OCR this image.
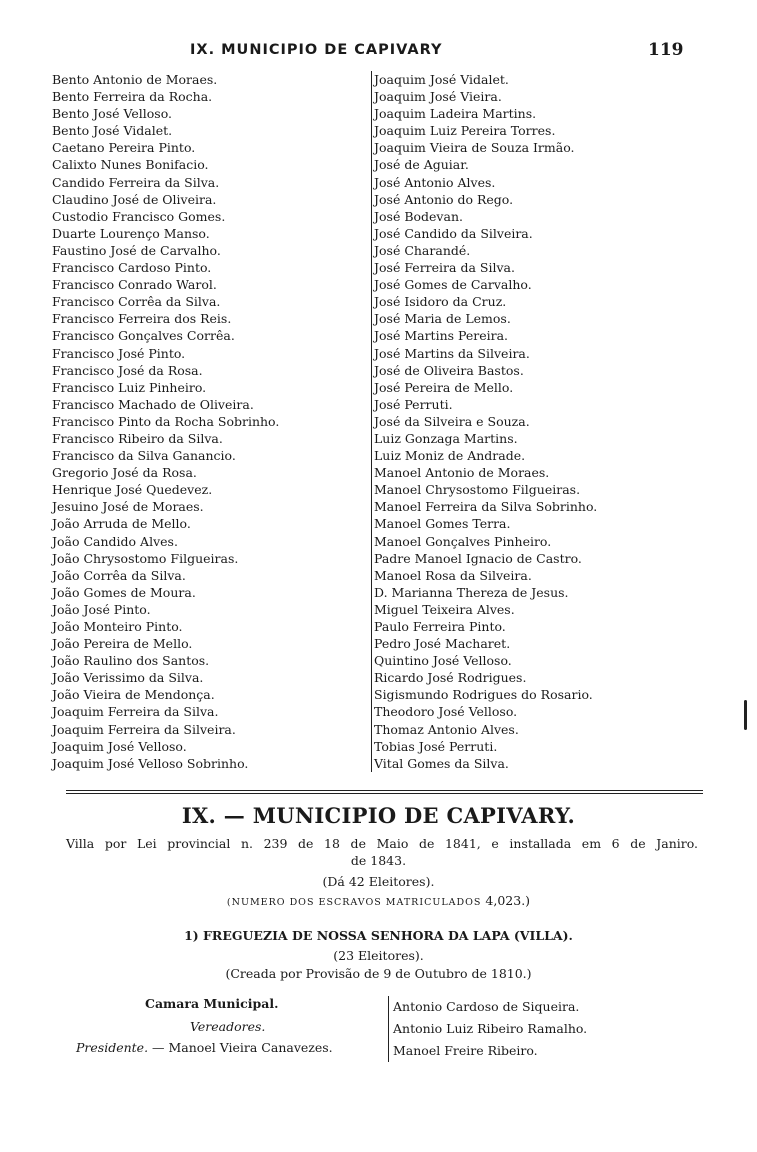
IX. MUNICIPIO DE CAPIVARY	119
Bento Antonio de Moraes.
Bento Ferreira da Rocha.
Bento José Velloso.
Bento José Vidalet.
Caetano Pereira Pinto.
Calixto Nunes Bonifacio.
Candido Ferreira da Silva.
Claudino José de Oliveira.
Custodio Francisco Gomes.
Duarte Lourenço Manso.
Faustino José de Carvalho.
Francisco Cardoso Pinto.
Francisco Conrado Warol.
Francisco Corrêa da Silva.
Francisco Ferreira dos Reis.
Francisco Gonçalves Corrêa.
Francisco José Pinto.
Francisco José da Rosa.
Francisco Luiz Pinheiro.
Francisco Machado de Oliveira.
Francisco Pinto da Rocha Sobrinho.
Francisco Ribeiro da Silva.
Francisco da Silva Ganancio.
Gregorio José da Rosa.
Henrique José Quedevez.
Jesuino José de Moraes.
João Arruda de Mello.
João Candido Alves.
João Chrysostomo Filgueiras.
João Corrêa da Silva.
João Gomes de Moura.
João José Pinto.
João Monteiro Pinto.
João Pereira de Mello.
João Raulino dos Santos.
João Verissimo da Silva.
João Vieira de Mendonça.
Joaquim Ferreira da Silva.
Joaquim Ferreira da Silveira.
Joaquim José Velloso.
Joaquim José Velloso Sobrinho.
Joaquim José Vidalet.
Joaquim José Vieira.
Joaquim Ladeira Martins.
Joaquim Luiz Pereira Torres.
Joaquim Vieira de Souza Irmão.
José de Aguiar.
José Antonio Alves.
José Antonio do Rego.
José Bodevan.
José Candido da Silveira.
José Charandé.
José Ferreira da Silva.
José Gomes de Carvalho.
José Isidoro da Cruz.
José Maria de Lemos.
José Martins Pereira.
José Martins da Silveira.
José de Oliveira Bastos.
José Pereira de Mello.
José Perruti.
José da Silveira e Souza.
Luiz Gonzaga Martins.
Luiz Moniz de Andrade.
Manoel Antonio de Moraes.
Manoel Chrysostomo Filgueiras.
Manoel Ferreira da Silva Sobrinho.
Manoel Gomes Terra.
Manoel Gonçalves Pinheiro.
Padre Manoel Ignacio de Castro.
Manoel Rosa da Silveira.
D. Marianna Thereza de Jesus.
Miguel Teixeira Alves.
Paulo Ferreira Pinto.
Pedro José Macharet.
Quintino José Velloso.
Ricardo José Rodrigues.
Sigismundo Rodrigues do Rosario.
Theodoro José Velloso.
Thomaz Antonio Alves.
Tobias José Perruti.
Vital Gomes da Silva.
IX. — MUNICIPIO DE CAPIVARY.
Villa por Lei provincial n. 239 de 18 de Maio de 1841, e installada em 6 de Janiro.
de 1843.
(Dá 42 Eleitores).
(NUMERO DOS ESCRAVOS MATRICULADOS 4,023.)
1) FREGUEZIA DE NOSSA SENHORA DA LAPA (VILLA).
(23 Eleitores).
(Creada por Provisão de 9 de Outubro de 1810.)
Camara Municipal.
Vereadores.
Presidente. — Manoel Vieira Canavezes.
Antonio Cardoso de Siqueira.
Antonio Luiz Ribeiro Ramalho.
Manoel Freire Ribeiro.
